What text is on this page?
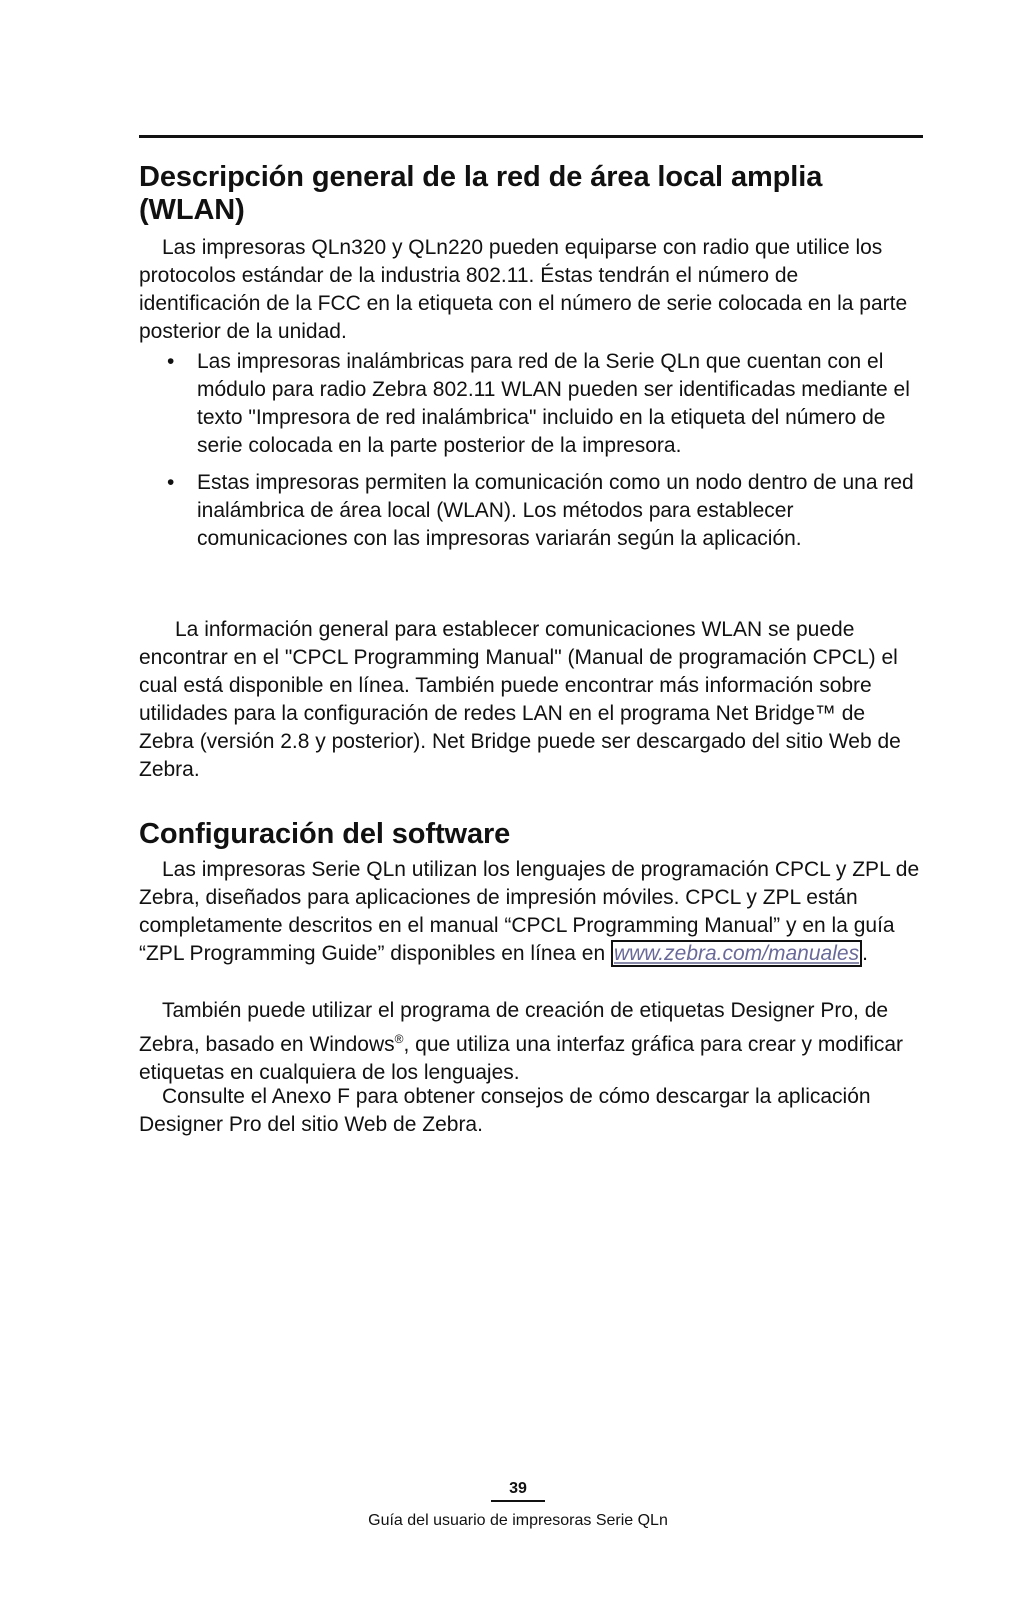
Descripción general de la red de área local amplia (WLAN)

Las impresoras QLn320 y QLn220 pueden equiparse con radio que utilice los protocolos estándar de la industria 802.11. Éstas tendrán el número de identificación de la FCC en la etiqueta con el número de serie colocada en la parte posterior de la unidad.

• Las impresoras inalámbricas para red de la Serie QLn que cuentan con el módulo para radio Zebra 802.11 WLAN pueden ser identificadas mediante el texto "Impresora de red inalámbrica" incluido en la etiqueta del número de serie colocada en la parte posterior de la impresora.
• Estas impresoras permiten la comunicación como un nodo dentro de una red inalámbrica de área local (WLAN). Los métodos para establecer comunicaciones con las impresoras variarán según la aplicación.

La información general para establecer comunicaciones WLAN se puede encontrar en el "CPCL Programming Manual" (Manual de programación CPCL) el cual está disponible en línea. También puede encontrar más información sobre utilidades para la configuración de redes LAN en el programa Net Bridge™ de Zebra (versión 2.8 y posterior). Net Bridge puede ser descargado del sitio Web de Zebra.

Configuración del software

Las impresoras Serie QLn utilizan los lenguajes de programación CPCL y ZPL de Zebra, diseñados para aplicaciones de impresión móviles. CPCL y ZPL están completamente descritos en el manual “CPCL Programming Manual” y en la guía “ZPL Programming Guide” disponibles en línea en www.zebra.com/manuales .

También puede utilizar el programa de creación de etiquetas Designer Pro, de Zebra, basado en Windows®, que utiliza una interfaz gráfica para crear y modificar etiquetas en cualquiera de los lenguajes.

Consulte el Anexo F para obtener consejos de cómo descargar la aplicación Designer Pro del sitio Web de Zebra.

39
Guía del usuario de impresoras Serie QLn
